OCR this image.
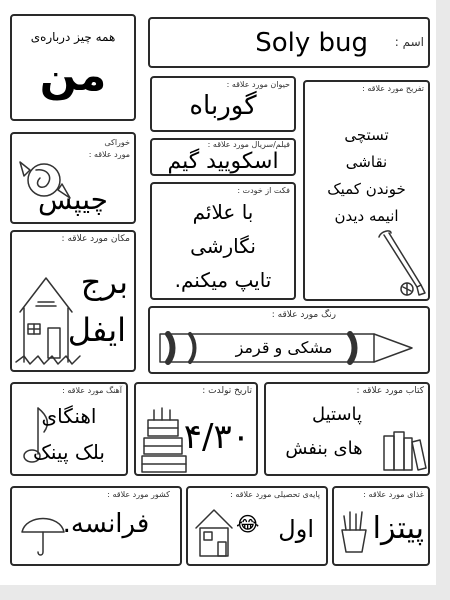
همه چیز درباره‌ی
من
اسم :
Soly bug
حیوان مورد علاقه :
گورباه
تفریح مورد علاقه :
تستچی
نقاشی
خوندن کمیک
انیمه دیدن
خوراکی
مورد علاقه :
چیپس
فیلم/سریال مورد علاقه :
اسکویید گیم
فکت از خودت :
با علائم
نگارشی
تایپ میکنم.
مکان مورد علاقه :
برج
ایفل	رنگ مورد علاقه :
مشکی و قرمز
آهنگ مورد علاقه :
اهنگای
بلک پینک
تاریخ تولدت :
۴/۳۰
کتاب مورد علاقه :
پاستیل
های بنفش
کشور مورد علاقه :
فرانسه.
پایه‌ی تحصیلی مورد علاقه :
😂 اول
غذای مورد علاقه :
پیتزا
